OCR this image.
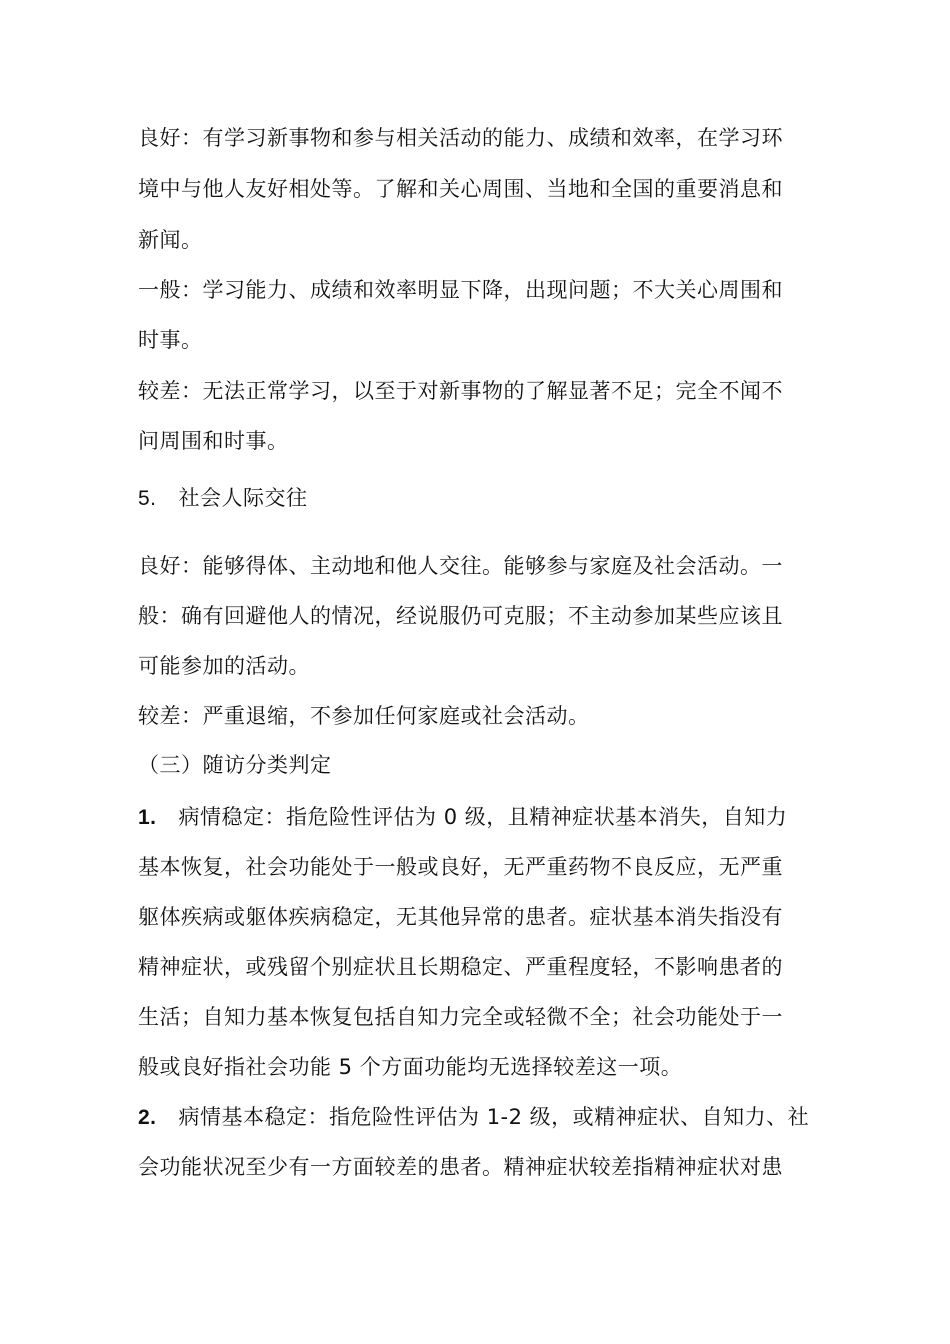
良好：有学习新事物和参与相关活动的能力、成绩和效率，在学习环
境中与他人友好相处等。了解和关心周围、当地和全国的重要消息和
新闻。
一般：学习能力、成绩和效率明显下降，出现问题；不大关心周围和
时事。
较差：无法正常学习，以至于对新事物的了解显著不足；完全不闻不
问周围和时事。
5. 社会人际交往
良好：能够得体、主动地和他人交往。能够参与家庭及社会活动。一
般：确有回避他人的情况，经说服仍可克服；不主动参加某些应该且
可能参加的活动。
较差：严重退缩，不参加任何家庭或社会活动。
（三）随访分类判定
1. 病情稳定：指危险性评估为 0 级，且精神症状基本消失，自知力
基本恢复，社会功能处于一般或良好，无严重药物不良反应，无严重
躯体疾病或躯体疾病稳定，无其他异常的患者。症状基本消失指没有
精神症状，或残留个别症状且长期稳定、严重程度轻，不影响患者的
生活；自知力基本恢复包括自知力完全或轻微不全；社会功能处于一
般或良好指社会功能 5 个方面功能均无选择较差这一项。
2. 病情基本稳定：指危险性评估为 1-2 级，或精神症状、自知力、社
会功能状况至少有一方面较差的患者。精神症状较差指精神症状对患
